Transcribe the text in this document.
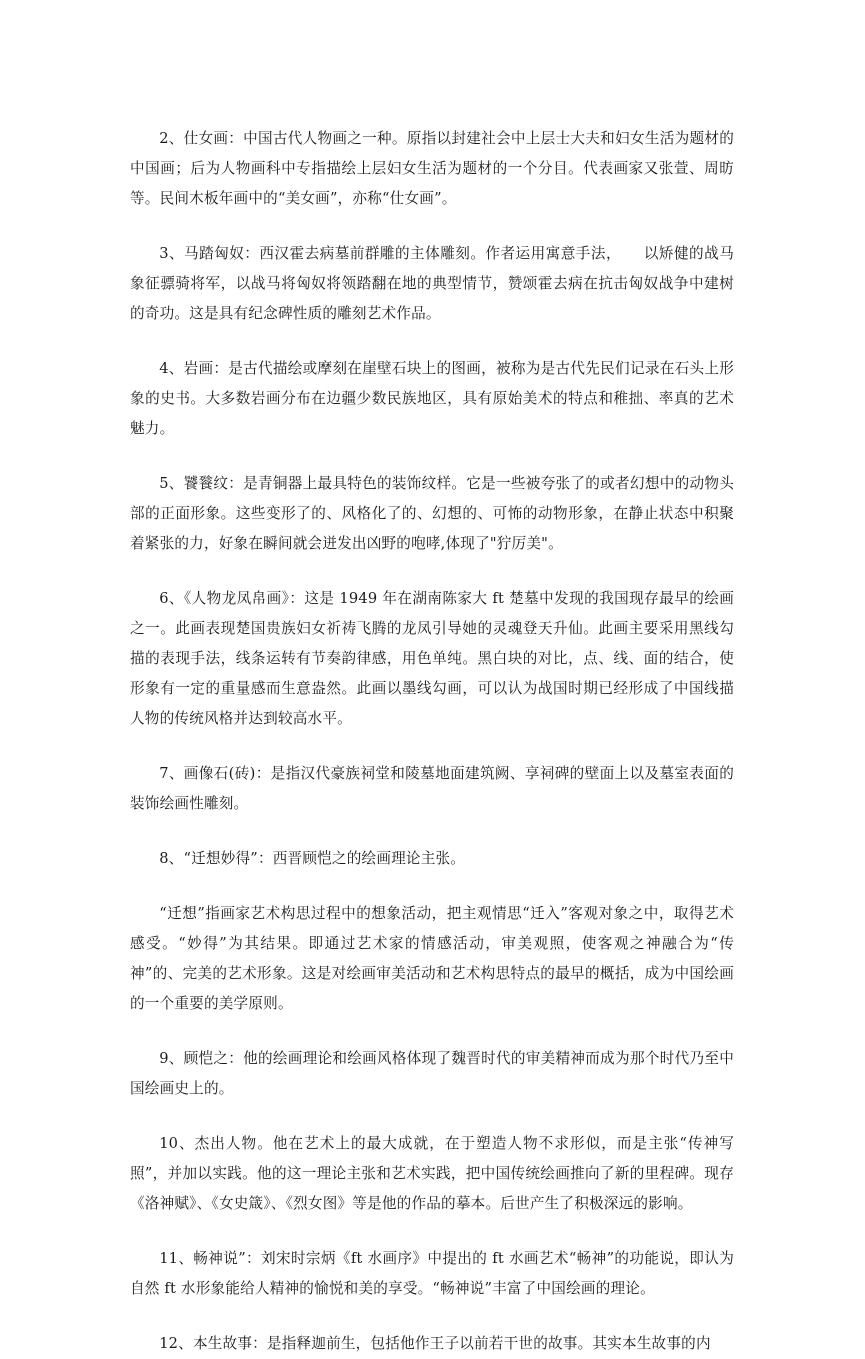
2、仕女画：中国古代人物画之一种。原指以封建社会中上层士大夫和妇女生活为题材的中国画；后为人物画科中专指描绘上层妇女生活为题材的一个分目。代表画家又张萱、周昉等。民间木板年画中的“美女画”，亦称“仕女画”。

3、马踏匈奴：西汉霍去病墓前群雕的主体雕刻。作者运用寓意手法，　　以矫健的战马象征骠骑将军，以战马将匈奴将领踏翻在地的典型情节，赞颂霍去病在抗击匈奴战争中建树的奇功。这是具有纪念碑性质的雕刻艺术作品。

4、岩画：是古代描绘或摩刻在崖壁石块上的图画，被称为是古代先民们记录在石头上形象的史书。大多数岩画分布在边疆少数民族地区，具有原始美术的特点和稚拙、率真的艺术魅力。

5、饕餮纹：是青铜器上最具特色的装饰纹样。它是一些被夸张了的或者幻想中的动物头部的正面形象。这些变形了的、风格化了的、幻想的、可怖的动物形象，在静止状态中积聚着紧张的力，好象在瞬间就会迸发出凶野的咆哮,体现了"狞厉美"。

6、《人物龙凤帛画》：这是 1949 年在湖南陈家大 ft 楚墓中发现的我国现存最早的绘画之一。此画表现楚国贵族妇女祈祷飞腾的龙凤引导她的灵魂登天升仙。此画主要采用黑线勾描的表现手法，线条运转有节奏韵律感，用色单纯。黑白块的对比，点、线、面的结合，使形象有一定的重量感而生意盎然。此画以墨线勾画，可以认为战国时期已经形成了中国线描人物的传统风格并达到较高水平。

7、画像石(砖)：是指汉代豪族祠堂和陵墓地面建筑阙、享祠碑的壁面上以及墓室表面的装饰绘画性雕刻。

8、“迁想妙得”：西晋顾恺之的绘画理论主张。

“迁想”指画家艺术构思过程中的想象活动，把主观情思“迁入”客观对象之中，取得艺术感受。“妙得”为其结果。即通过艺术家的情感活动，审美观照，使客观之神融合为“传神”的、完美的艺术形象。这是对绘画审美活动和艺术构思特点的最早的概括，成为中国绘画的一个重要的美学原则。

9、顾恺之：他的绘画理论和绘画风格体现了魏晋时代的审美精神而成为那个时代乃至中国绘画史上的。

10、杰出人物。他在艺术上的最大成就，在于塑造人物不求形似，而是主张“传神写照”，并加以实践。他的这一理论主张和艺术实践，把中国传统绘画推向了新的里程碑。现存《洛神赋》、《女史箴》、《烈女图》等是他的作品的摹本。后世产生了积极深远的影响。

11、畅神说”：刘宋时宗炳《ft 水画序》中提出的 ft 水画艺术“畅神”的功能说，即认为自然 ft 水形象能给人精神的愉悦和美的享受。“畅神说”丰富了中国绘画的理论。

12、本生故事：是指释迦前生，包括他作王子以前若干世的故事。其实本生故事的内
